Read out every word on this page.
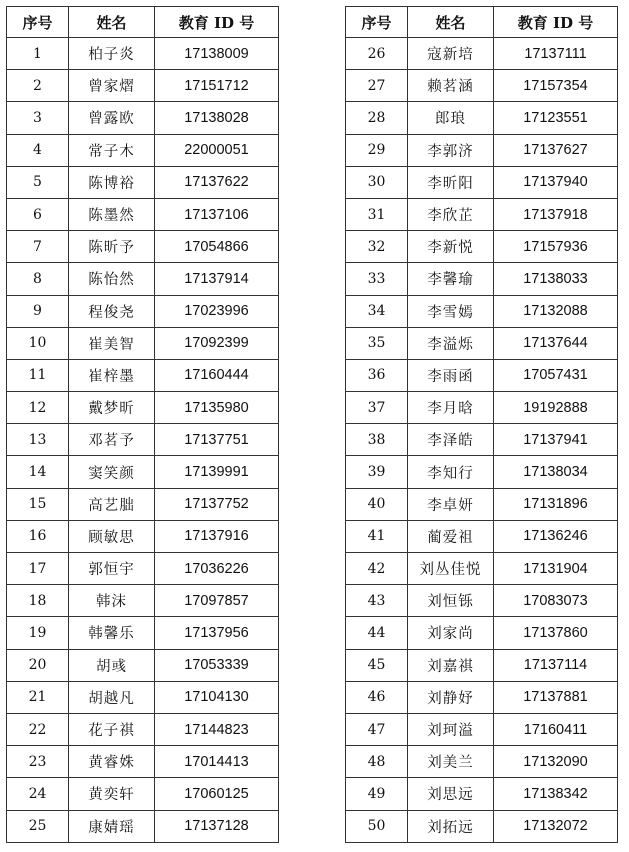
序号	姓名	教育 ID 号
1	柏子炎	17138009
2	曾家熠	17151712
3	曾露欧	17138028
4	常子木	22000051
5	陈博裕	17137622
6	陈墨然	17137106
7	陈昕予	17054866
8	陈怡然	17137914
9	程俊尧	17023996
10	崔美智	17092399
11	崔梓墨	17160444
12	戴梦昕	17135980
13	邓茗予	17137751
14	窦笑颜	17139991
15	高艺朏	17137752
16	顾敏思	17137916
17	郭恒宇	17036226
18	韩沫	17097857
19	韩馨乐	17137956
20	胡彧	17053339
21	胡越凡	17104130
22	花子祺	17144823
23	黄睿姝	17014413
24	黄奕轩	17060125
25	康婧瑶	17137128
序号	姓名	教育 ID 号
26	寇新培	17137111
27	赖茗涵	17157354
28	郎琅	17123551
29	李郭济	17137627
30	李昕阳	17137940
31	李欣芷	17137918
32	李新悦	17157936
33	李馨瑜	17138033
34	李雪嫣	17132088
35	李溢烁	17137644
36	李雨函	17057431
37	李月晗	19192888
38	李泽皓	17137941
39	李知行	17138034
40	李卓妍	17131896
41	蔺爱祖	17136246
42	刘丛佳悦	17131904
43	刘恒铄	17083073
44	刘家尚	17137860
45	刘嘉祺	17137114
46	刘静妤	17137881
47	刘珂溢	17160411
48	刘美兰	17132090
49	刘思远	17138342
50	刘拓远	17132072
